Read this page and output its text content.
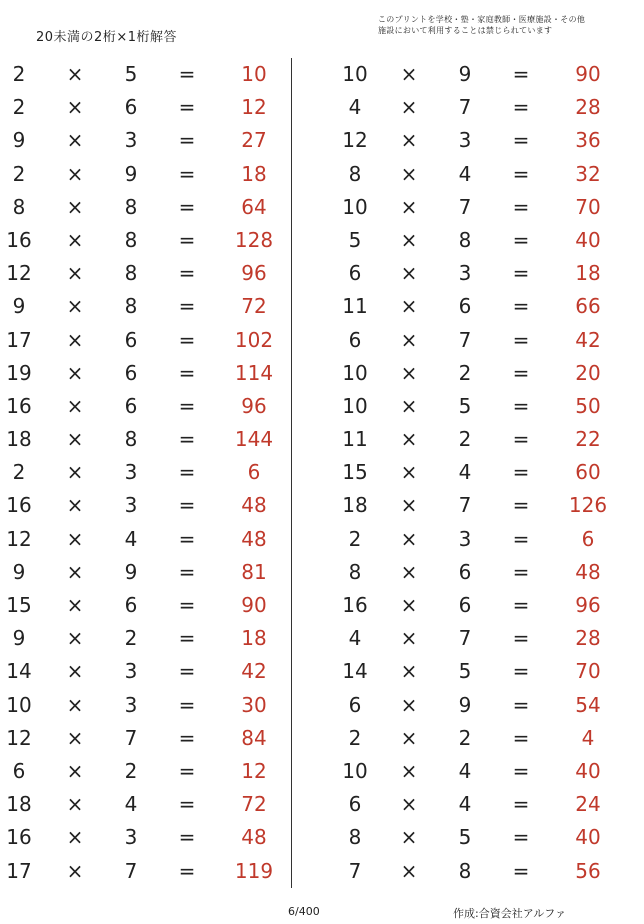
20未満の2桁×1桁解答
このプリントを学校・塾・家庭教師・医療施設・その他
施設において利用することは禁じられています
2	×	5	=	10
2	×	6	=	12
9	×	3	=	27
2	×	9	=	18
8	×	8	=	64
16	×	8	=	128
12	×	8	=	96
9	×	8	=	72
17	×	6	=	102
19	×	6	=	114
16	×	6	=	96
18	×	8	=	144
2	×	3	=	6
16	×	3	=	48
12	×	4	=	48
9	×	9	=	81
15	×	6	=	90
9	×	2	=	18
14	×	3	=	42
10	×	3	=	30
12	×	7	=	84
6	×	2	=	12
18	×	4	=	72
16	×	3	=	48
17	×	7	=	119
10	×	9	=	90
4	×	7	=	28
12	×	3	=	36
8	×	4	=	32
10	×	7	=	70
5	×	8	=	40
6	×	3	=	18
11	×	6	=	66
6	×	7	=	42
10	×	2	=	20
10	×	5	=	50
11	×	2	=	22
15	×	4	=	60
18	×	7	=	126
2	×	3	=	6
8	×	6	=	48
16	×	6	=	96
4	×	7	=	28
14	×	5	=	70
6	×	9	=	54
2	×	2	=	4
10	×	4	=	40
6	×	4	=	24
8	×	5	=	40
7	×	8	=	56
6/400	作成:合資会社アルファ
